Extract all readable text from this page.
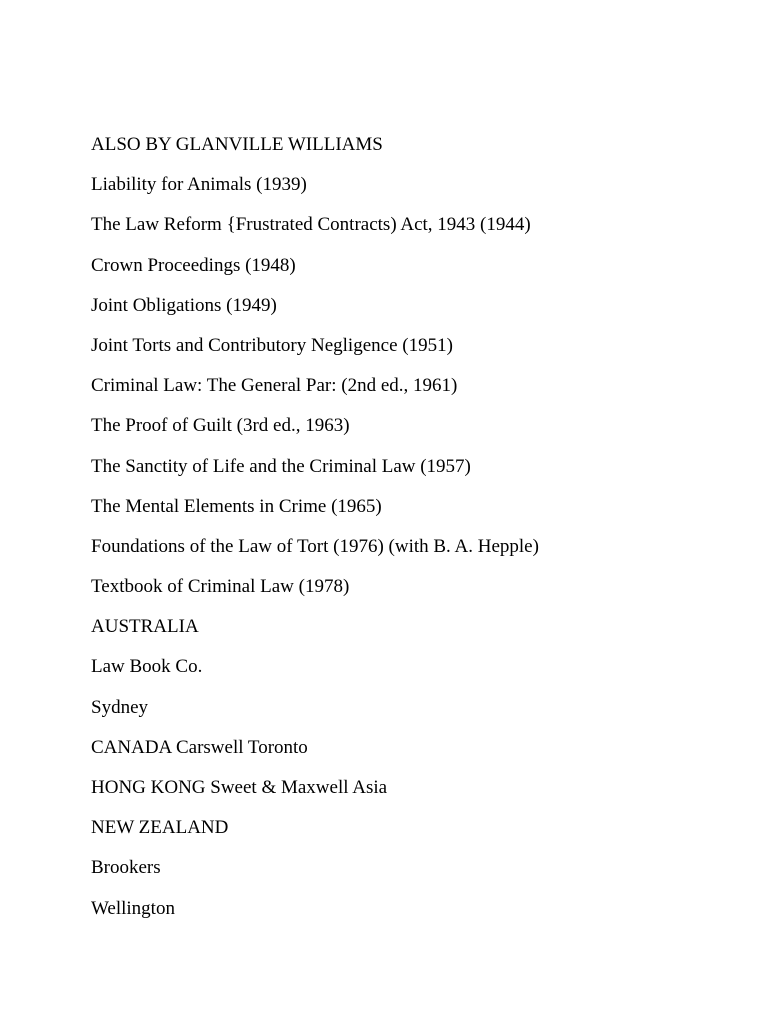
ALSO BY GLANVILLE WILLIAMS
Liability for Animals (1939)
The Law Reform {Frustrated Contracts) Act, 1943 (1944)
Crown Proceedings (1948)
Joint Obligations (1949)
Joint Torts and Contributory Negligence (1951)
Criminal Law: The General Par: (2nd ed., 1961)
The Proof of Guilt (3rd ed., 1963)
The Sanctity of Life and the Criminal Law (1957)
The Mental Elements in Crime (1965)
Foundations of the Law of Tort (1976) (with B. A. Hepple)
Textbook of Criminal Law (1978)
AUSTRALIA
Law Book Co.
Sydney
CANADA Carswell Toronto
HONG KONG Sweet & Maxwell Asia
NEW ZEALAND
Brookers
Wellington
